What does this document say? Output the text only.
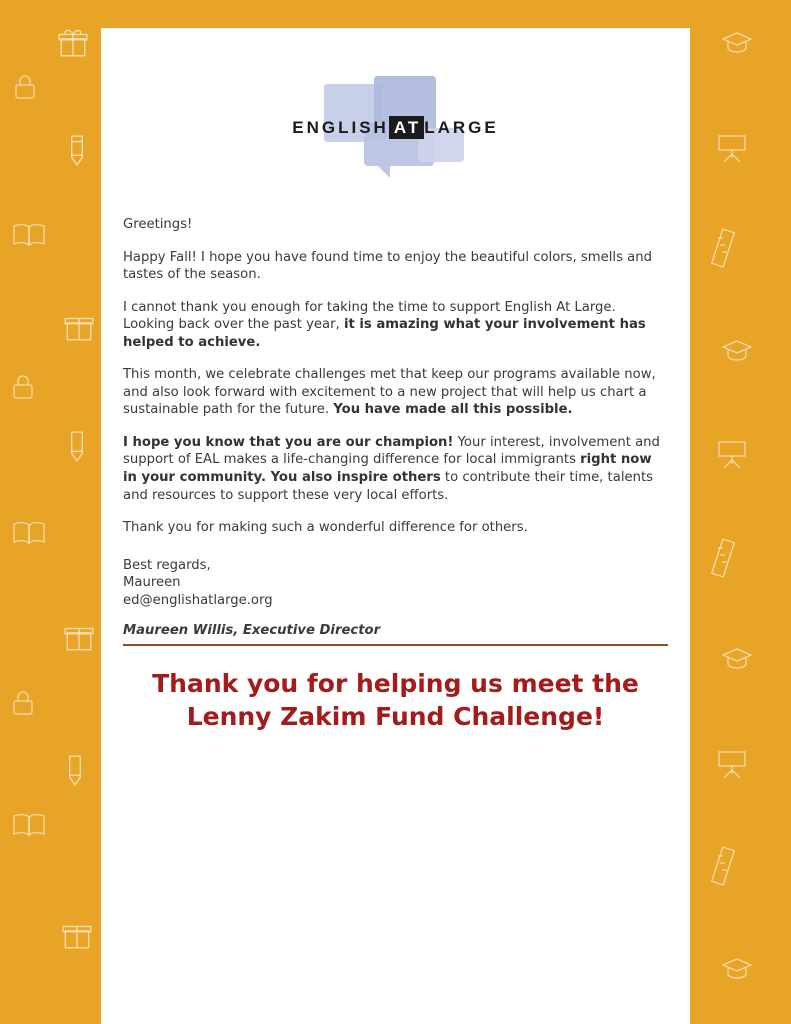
ENGLISH AT LARGE

Greetings!

Happy Fall! I hope you have found time to enjoy the beautiful colors, smells and tastes of the season.

I cannot thank you enough for taking the time to support English At Large. Looking back over the past year, it is amazing what your involvement has helped to achieve.

This month, we celebrate challenges met that keep our programs available now, and also look forward with excitement to a new project that will help us chart a sustainable path for the future. You have made all this possible.

I hope you know that you are our champion! Your interest, involvement and support of EAL makes a life-changing difference for local immigrants right now in your community. You also inspire others to contribute their time, talents and resources to support these very local efforts.

Thank you for making such a wonderful difference for others.

Best regards,
Maureen
ed@englishatlarge.org
Maureen Willis, Executive Director
Thank you for helping us meet the
Lenny Zakim Fund Challenge!
